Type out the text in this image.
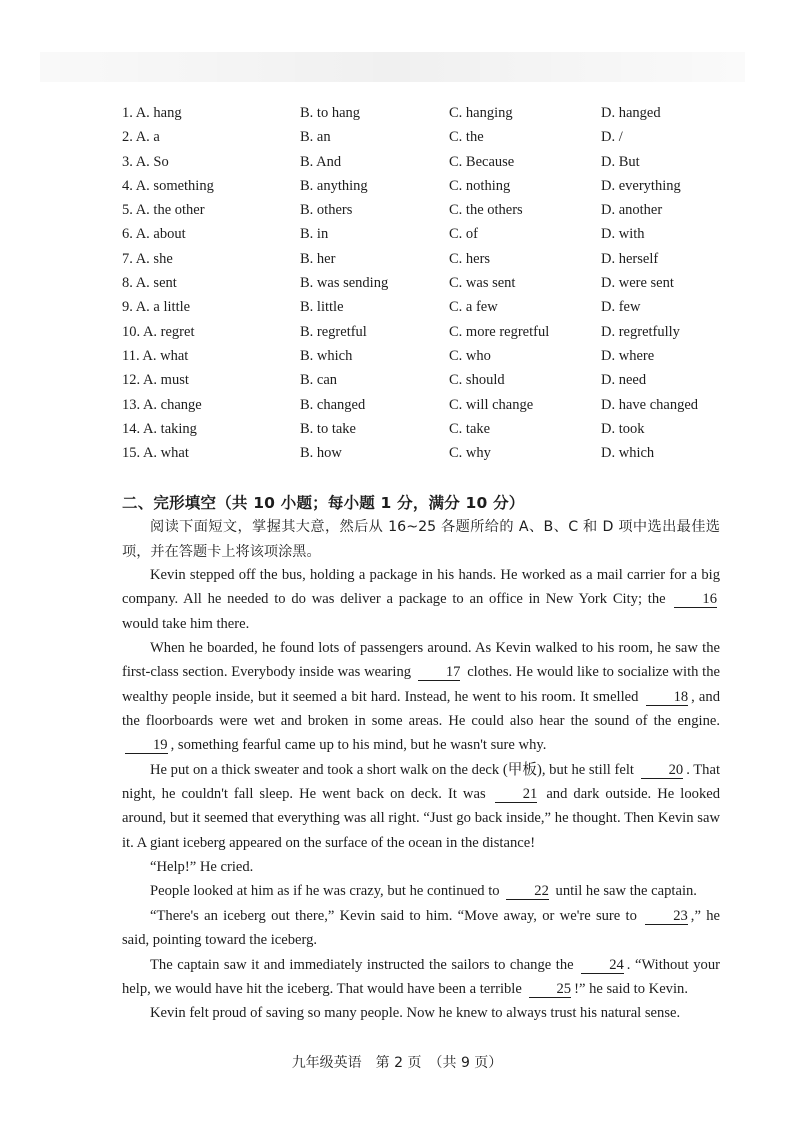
1. A. hang	B. to hang	C. hanging	D. hanged
2. A. a	B. an	C. the	D. /
3. A. So	B. And	C. Because	D. But
4. A. something	B. anything	C. nothing	D. everything
5. A. the other	B. others	C. the others	D. another
6. A. about	B. in	C. of	D. with
7. A. she	B. her	C. hers	D. herself
8. A. sent	B. was sending	C. was sent	D. were sent
9. A. a little	B. little	C. a few	D. few
10. A. regret	B. regretful	C. more regretful	D. regretfully
11. A. what	B. which	C. who	D. where
12. A. must	B. can	C. should	D. need
13. A. change	B. changed	C. will change	D. have changed
14. A. taking	B. to take	C. take	D. took
15. A. what	B. how	C. why	D. which
二、完形填空（共 10 小题；每小题 1 分，满分 10 分）
阅读下面短文，掌握其大意，然后从 16~25 各题所给的 A、B、C 和 D 项中选出最佳选项，并在答题卡上将该项涂黑。

Kevin stepped off the bus, holding a package in his hands. He worked as a mail carrier for a big company. All he needed to do was deliver a package to an office in New York City; the	16 would take him there.

When he boarded, he found lots of passengers around. As Kevin walked to his room, he saw the first-class section. Everybody inside was wearing 17 clothes. He would like to socialize with the wealthy people inside, but it seemed a bit hard. Instead, he went to his room. It smelled 18 , and the floorboards were wet and broken in some areas. He could also hear the sound of the engine. 19 , something fearful came up to his mind, but he wasn't sure why.

He put on a thick sweater and took a short walk on the deck (甲板), but he still felt 20 . That night, he couldn't fall sleep. He went back on deck. It was	21 and dark outside. He looked around, but it seemed that everything was all right. “Just go back inside,” he thought. Then Kevin saw it. A giant iceberg appeared on the surface of the ocean in the distance!

“Help!” He cried.

People looked at him as if he was crazy, but he continued to 22 until he saw the captain.

“There's an iceberg out there,” Kevin said to him. “Move away, or we're sure to 23 ,” he said, pointing toward the iceberg.

The captain saw it and immediately instructed the sailors to change the 24 . “Without your help, we would have hit the iceberg. That would have been a terrible 25 !” he said to Kevin.

Kevin felt proud of saving so many people. Now he knew to always trust his natural sense.

九年级英语　第 2 页　（共 9 页）
